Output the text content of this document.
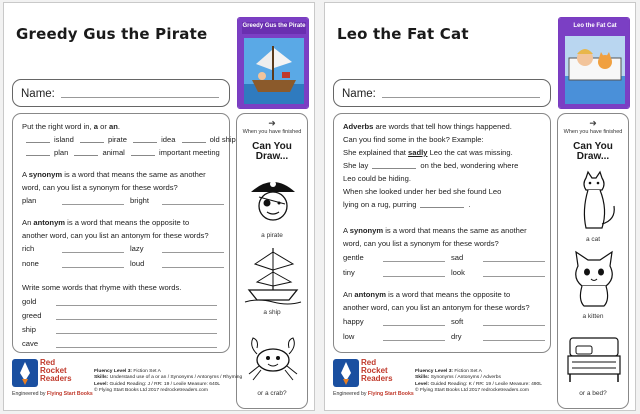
Greedy Gus the Pirate	Greedy Gus the Pirate
Name:
Put the right word in, a or an.
island	pirate	idea	old ship
plan	animal	important meeting
A synonym is a word that means the same as another
word, can you list a synonym for these words?
plan	bright
An antonym is a word that means the opposite to
another word, can you list an antonym for these words?
rich	lazy
none	loud
Write some words that rhyme with these words.
gold
greed
ship
cave
➜
When you have finished
Can You
Draw...
a pirate
a ship
or a crab?
Red
Rocket
Readers
Engineered by Flying Start Books
Fluency Level 3: Fiction Set A
Skills: Understand use of a or an / Synonyms / Antonyms / Rhyming
Level: Guided Reading: J / RR: 19 / Lexile Measure: 640L
© Flying Start Books Ltd 2017 redrocketreaders.com
Leo the Fat Cat	Leo the Fat Cat
Name:
Adverbs are words that tell how things happened.
Can you find some in the book? Example:
She explained that sadly Leo the cat was missing.
She lay	on the bed, wondering where
Leo could be hiding.
When she looked under her bed she found Leo
lying on a rug, purring	.
A synonym is a word that means the same as another
word, can you list a synonym for these words?
gentle	sad
tiny	look
An antonym is a word that means the opposite to
another word, can you list an antonym for these words?
happy	soft
low	dry
➜
When you have finished
Can You
Draw...
a cat
a kitten
or a bed?
Red
Rocket
Readers
Engineered by Flying Start Books
Fluency Level 3: Fiction Set A
Skills: Synonyms / Antonyms / Adverbs
Level: Guided Reading: K / RR: 19 / Lexile Measure: 490L
© Flying Start Books Ltd 2017 redrocketreaders.com
